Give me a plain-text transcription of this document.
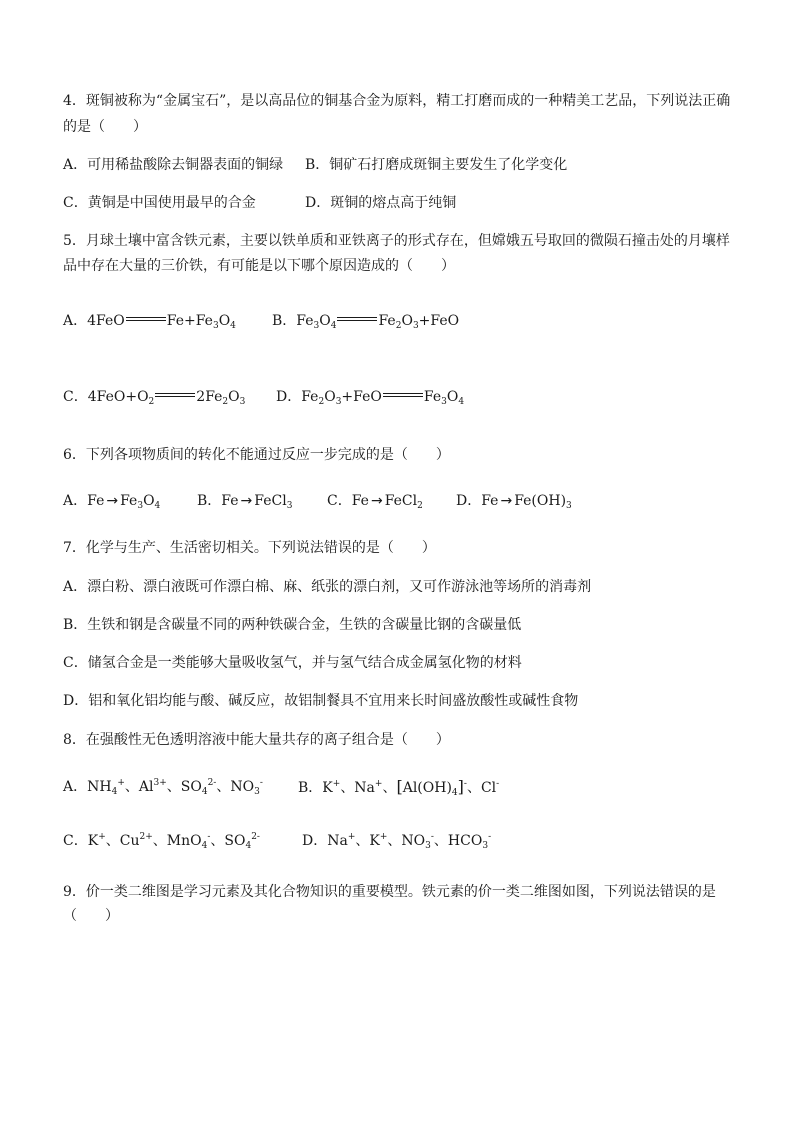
4．斑铜被称为“金属宝石”，是以高品位的铜基合金为原料，精工打磨而成的一种精美工艺品，下列说法正确
的是（　　）
A．可用稀盐酸除去铜器表面的铜绿 B．铜矿石打磨成斑铜主要发生了化学变化
C．黄铜是中国使用最早的合金	D．斑铜的熔点高于纯铜
5．月球土壤中富含铁元素，主要以铁单质和亚铁离子的形式存在，但嫦娥五号取回的微陨石撞击处的月壤样
品中存在大量的三价铁，有可能是以下哪个原因造成的（　　）
A．4FeO	$Fe+Fe_3O_4$	B．$Fe_3O_4$	$Fe_2O_3+FeO$
C．$4FeO+O_2$	$2Fe_2O_3$ D．$Fe_2O_3+FeO$	$Fe_3O_4$
6．下列各项物质间的转化不能通过反应一步完成的是（　　）
A．$Fe \to Fe_3O_4$	B．Fe → FeCl$_3$ C．Fe → FeCl$_2$ D．$Fe \to Fe(OH)_3$
7．化学与生产、生活密切相关。下列说法错误的是（　　）
A．漂白粉、漂白液既可作漂白棉、麻、纸张的漂白剂，又可作游泳池等场所的消毒剂
B．生铁和钢是含碳量不同的两种铁碳合金，生铁的含碳量比钢的含碳量低
C．储氢合金是一类能够大量吸收氢气，并与氢气结合成金属氢化物的材料
D．铝和氧化铝均能与酸、碱反应，故铝制餐具不宜用来长时间盛放酸性或碱性食物
8．在强酸性无色透明溶液中能大量共存的离子组合是（　　）
A．$NH_4^+$、$Al^{3+}$、$SO_4^{2-}$、$NO_3^-$	B．K+、Na+、$[Al(OH)_4]^-$、Cl-
C．K+、$Cu^{2+}$、MnO$_4$-、$SO_4^{2-}$	D．Na+、K+、$NO_3^-$、$HCO_3^-$
9．价一类二维图是学习元素及其化合物知识的重要模型。铁元素的价一类二维图如图，下列说法错误的是
（　　）
